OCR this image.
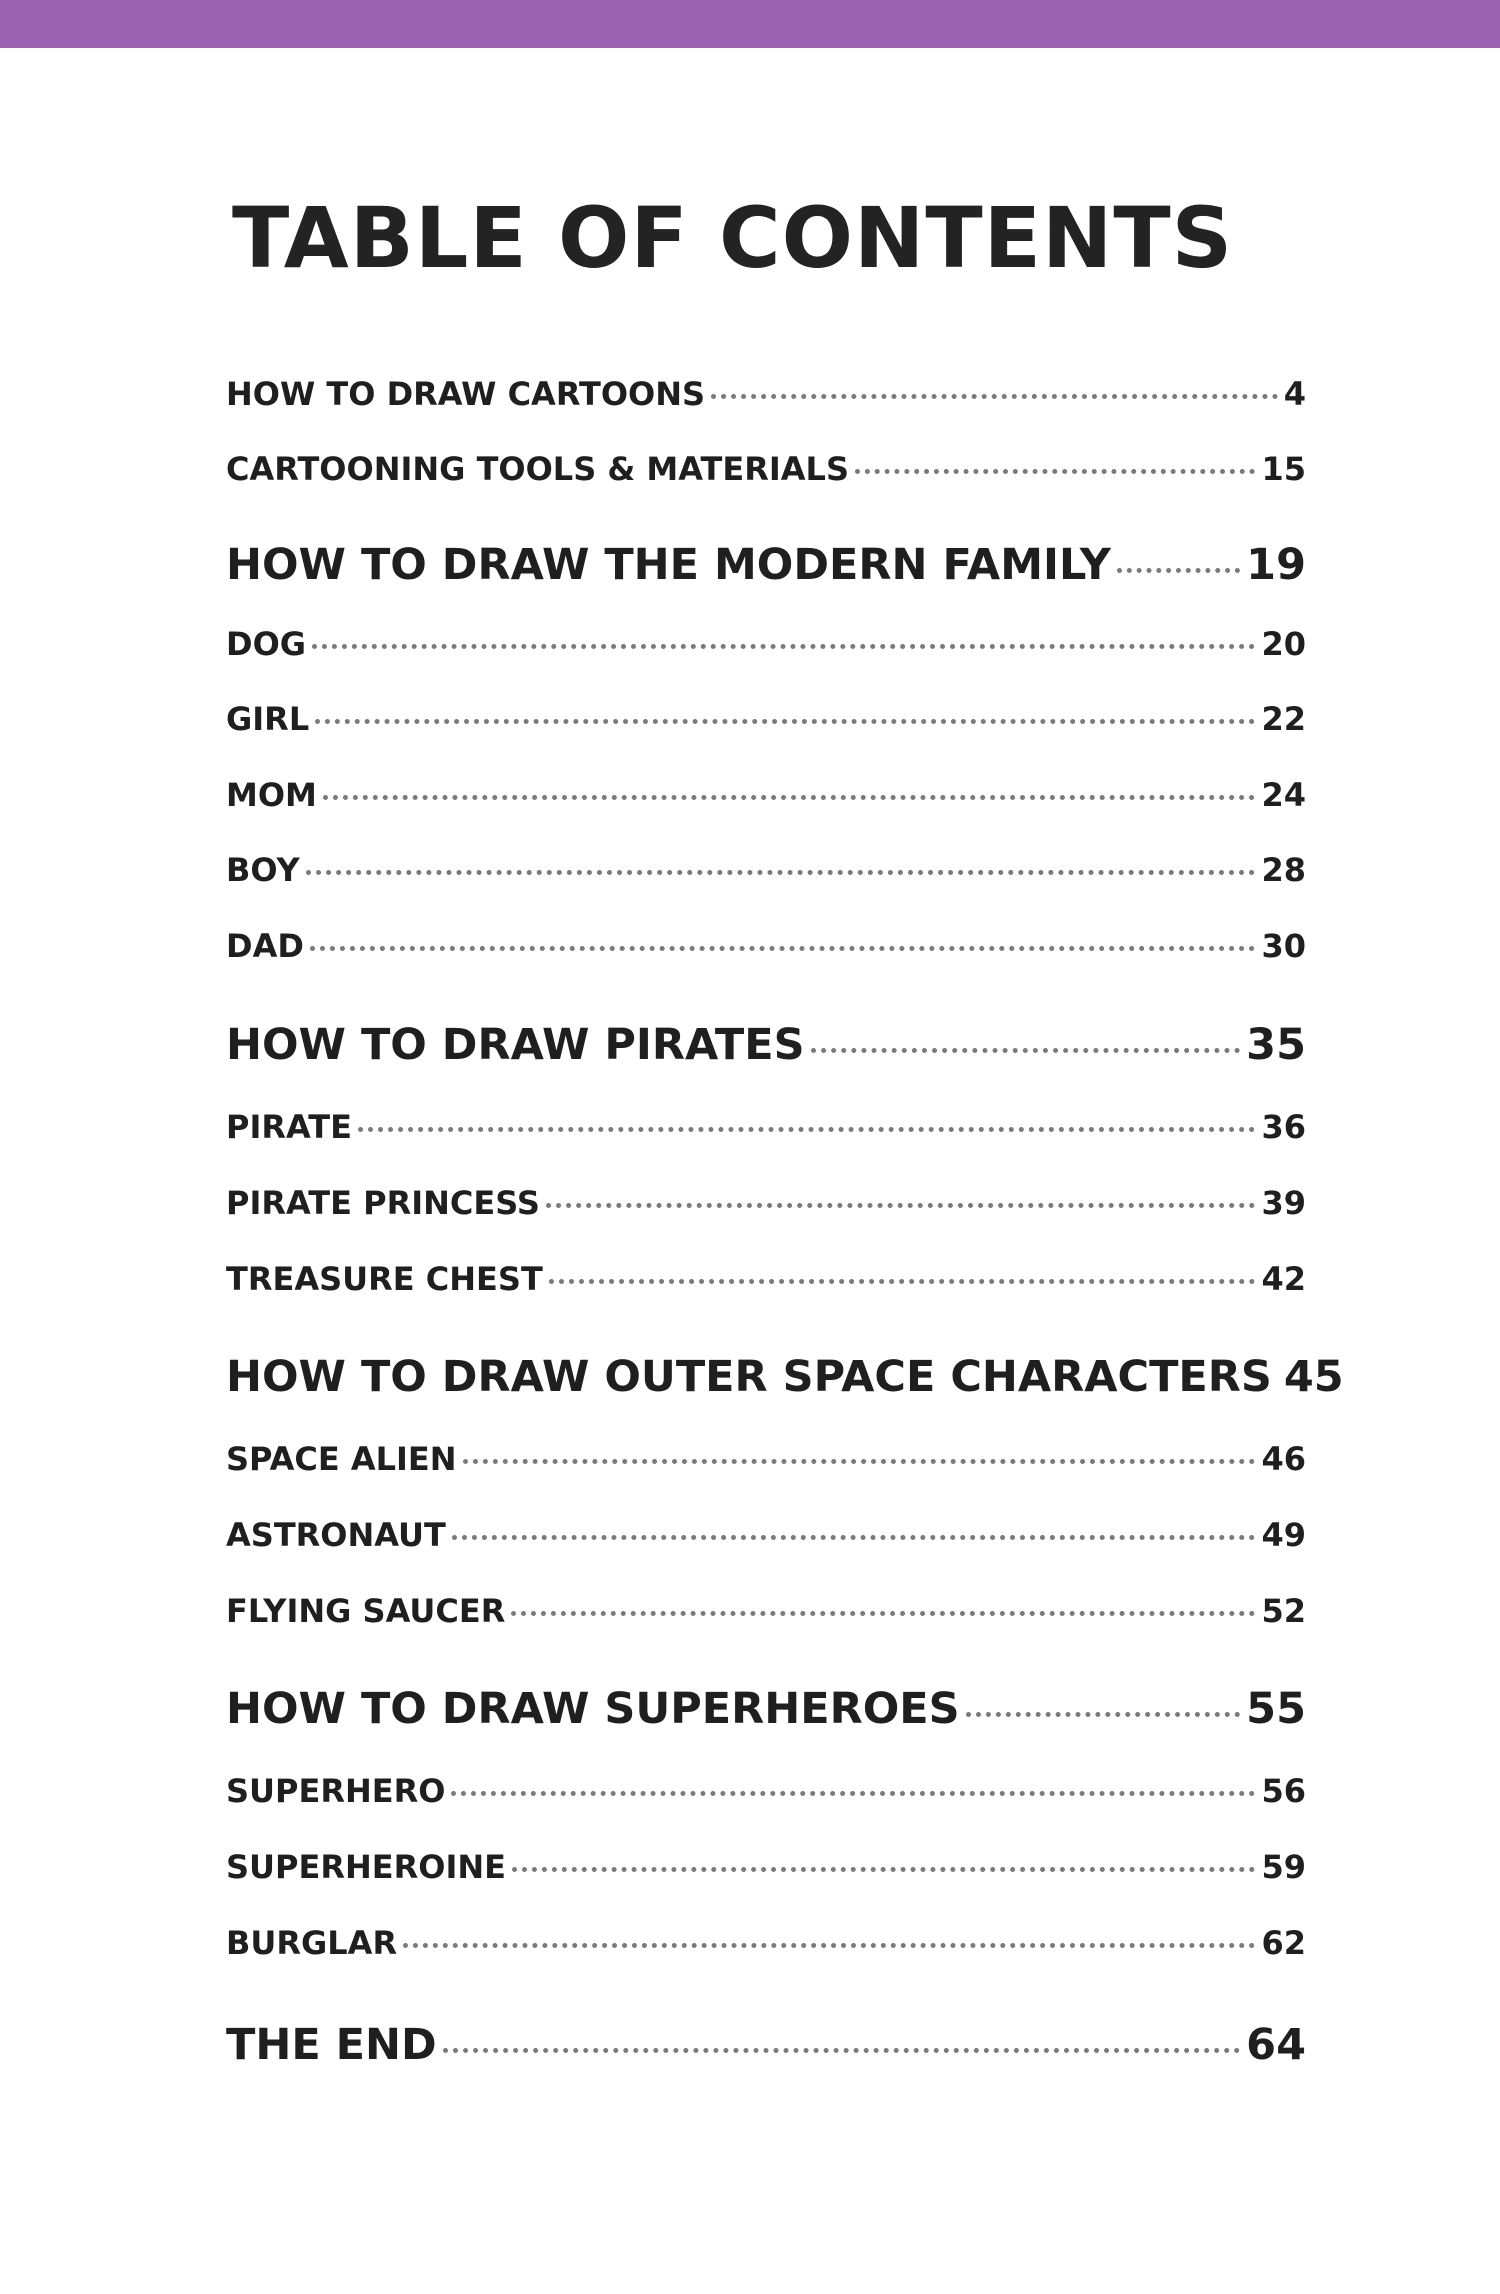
TABLE OF CONTENTS
HOW TO DRAW CARTOONS	4
CARTOONING TOOLS & MATERIALS	15
HOW TO DRAW THE MODERN FAMILY	19
DOG	20
GIRL	22
MOM	24
BOY	28
DAD	30
HOW TO DRAW PIRATES	35
PIRATE	36
PIRATE PRINCESS	39
TREASURE CHEST	42
HOW TO DRAW OUTER SPACE CHARACTERS 45
SPACE ALIEN	46
ASTRONAUT	49
FLYING SAUCER	52
HOW TO DRAW SUPERHEROES	55
SUPERHERO	56
SUPERHEROINE	59
BURGLAR	62
THE END	64
